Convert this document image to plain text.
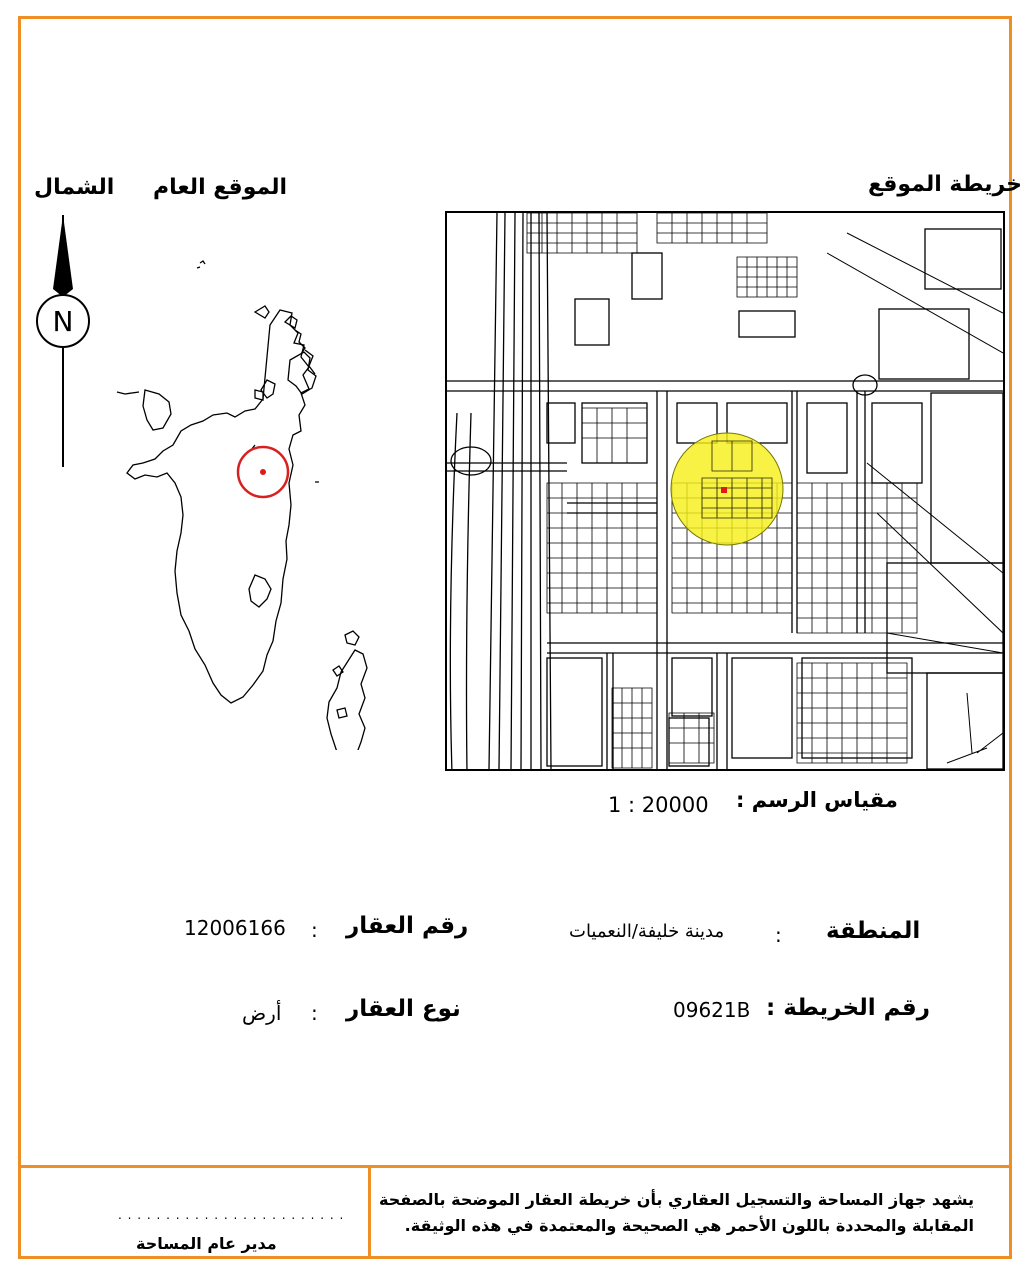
خريطة الموقع
الموقع العام
الشمال
N
مقياس الرسم :
1 : 20000
المنطقة
:
مدينة خليفة/النعميات
رقم العقار
:
12006166
رقم الخريطة :
09621B
نوع العقار
:
أرض
يشهد جهاز المساحة والتسجيل العقاري بأن خريطة العقار الموضحة بالصفحة
المقابلة والمحددة باللون الأحمر هي الصحيحة والمعتمدة في هذه الوثيقة.
. . . . . . . . . . . . . . . . . . . . . . . .
مدير عام المساحة
